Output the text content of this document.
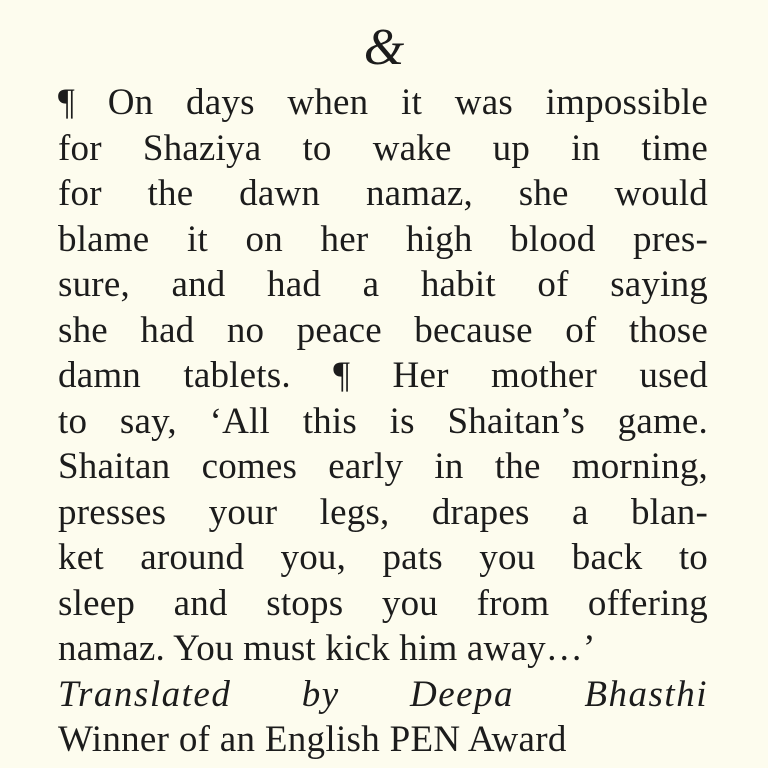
&
¶ On days when it was impossible
for Shaziya to wake up in time
for the dawn namaz, she would
blame it on her high blood pres-
sure, and had a habit of saying
she had no peace because of those
damn tablets. ¶ Her mother used
to say, ‘All this is Shaitan’s game.
Shaitan comes early in the morning,
presses your legs, drapes a blan-
ket around you, pats you back to
sleep and stops you from offering
namaz. You must kick him away…’
Translated by Deepa Bhasthi
Winner of an English PEN Award
